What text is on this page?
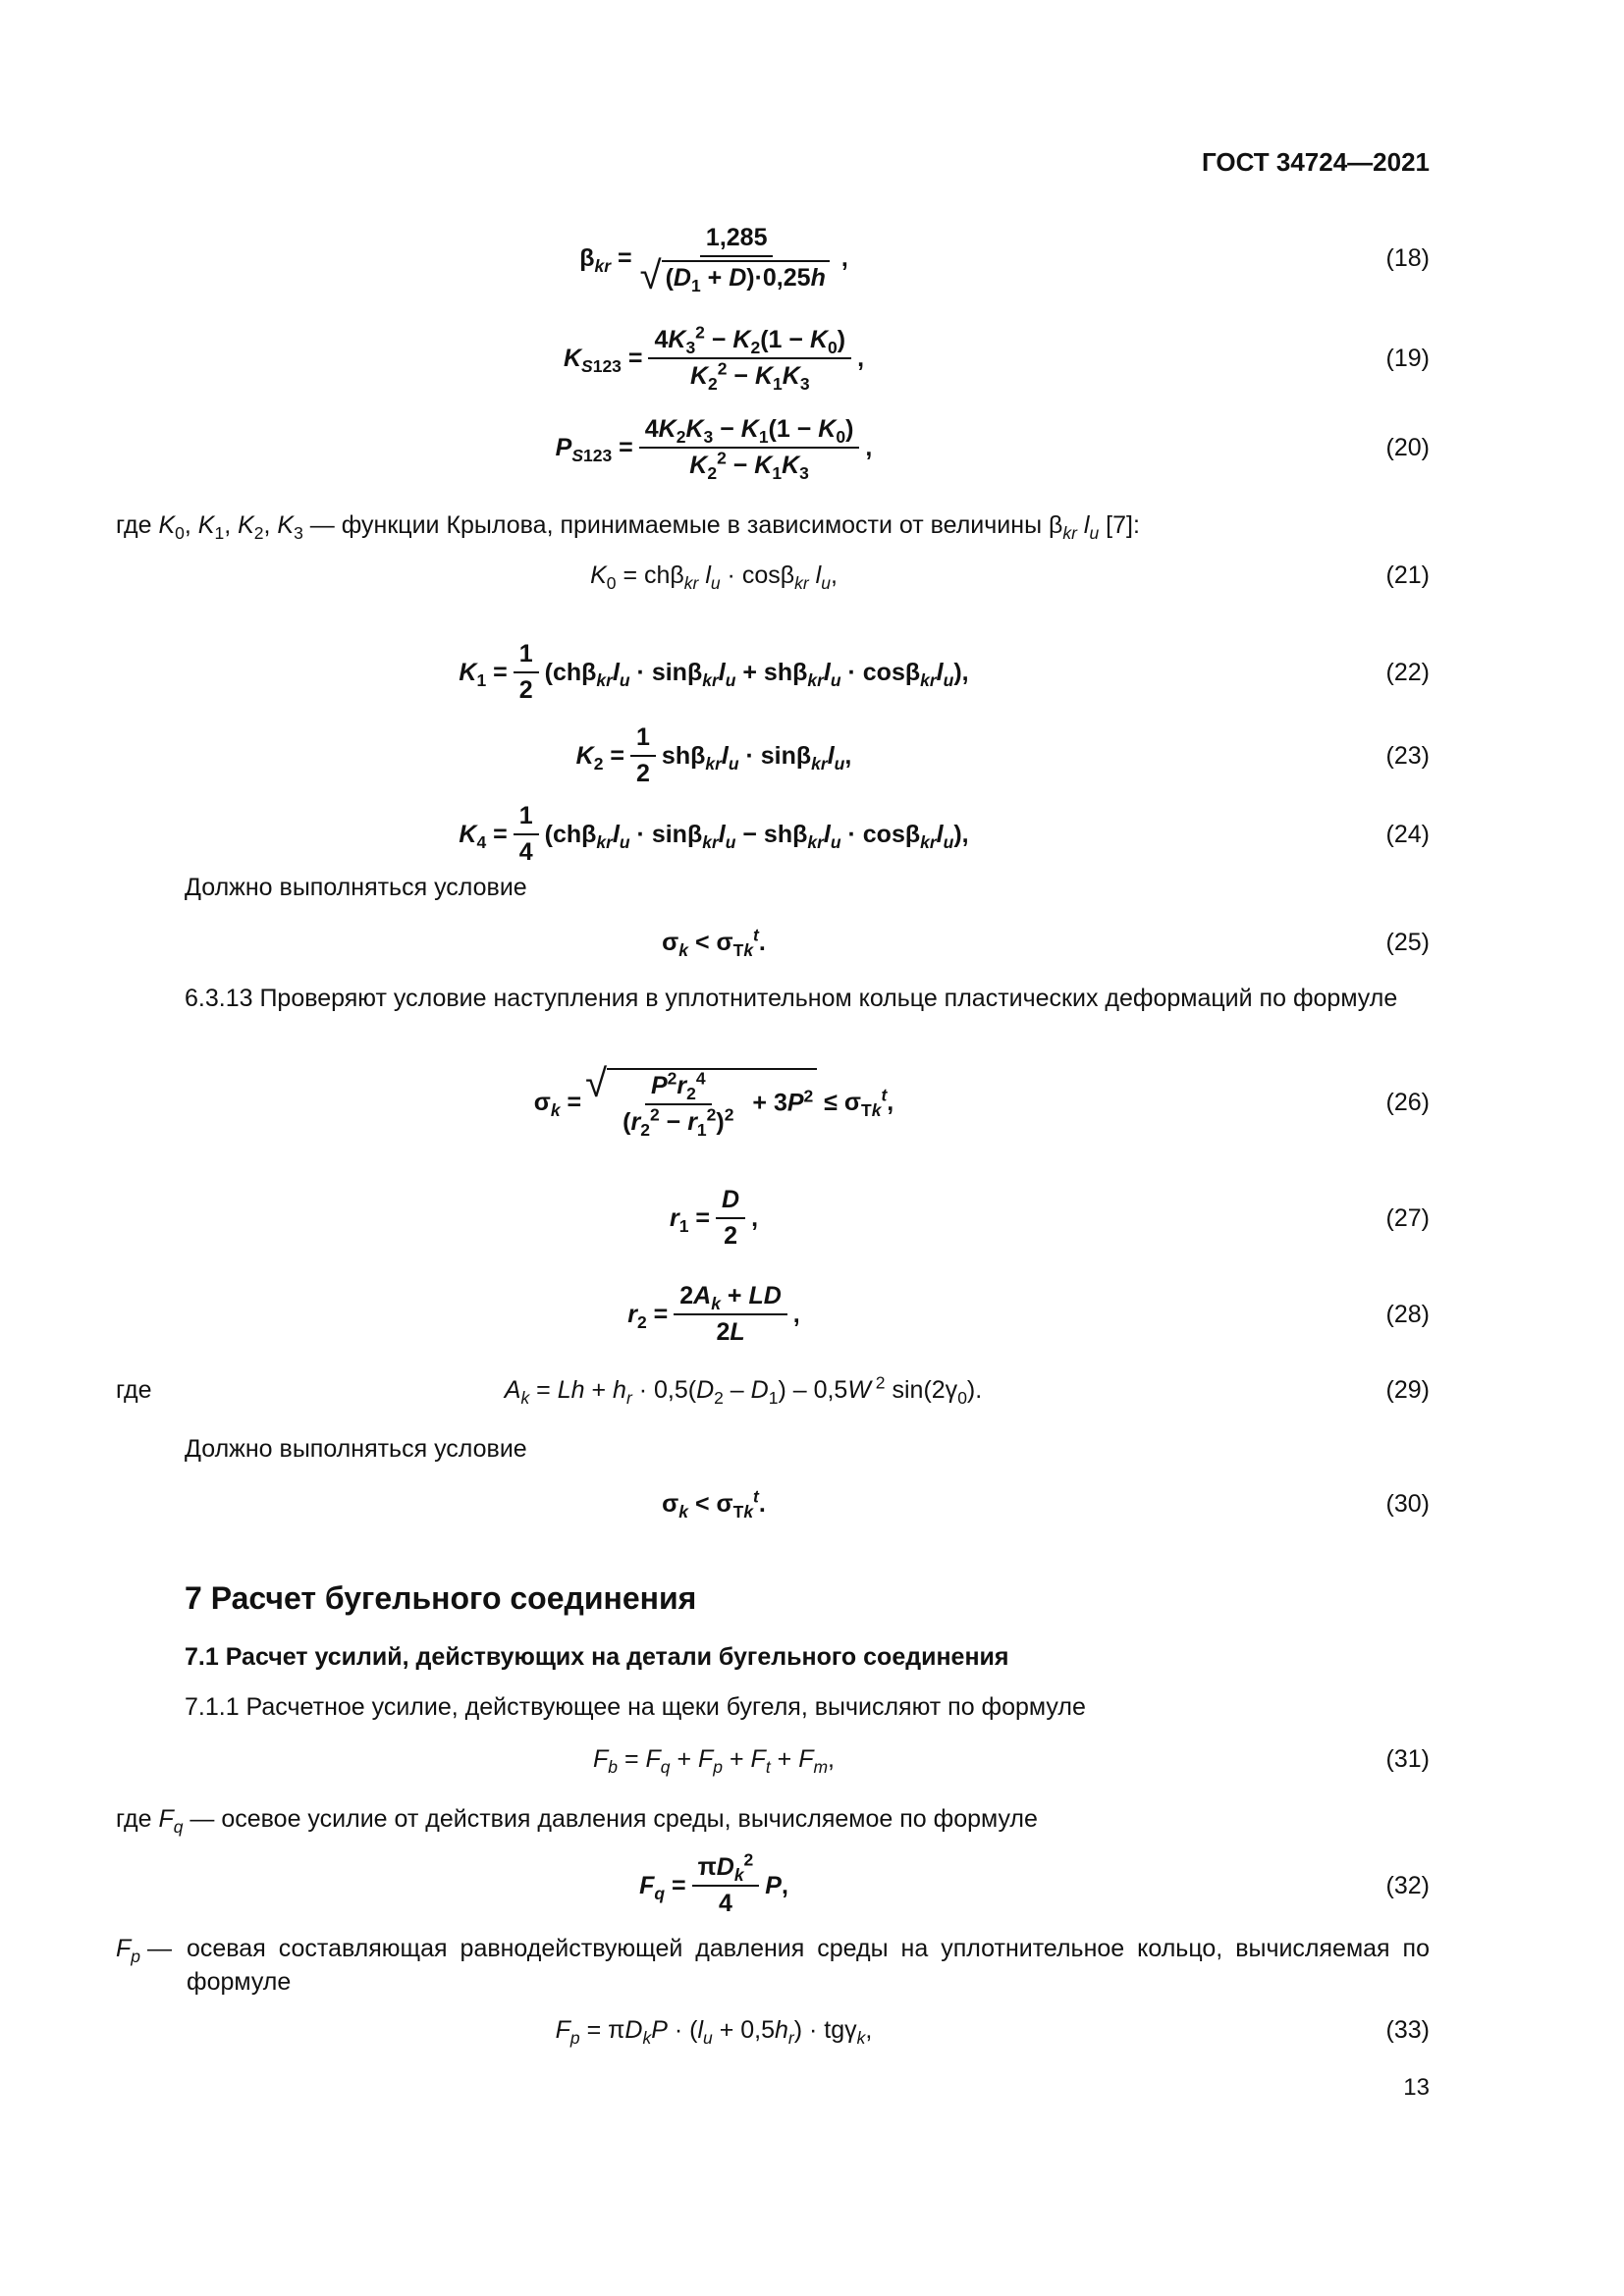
ГОСТ 34724—2021
$\beta_{kr} = 1,285$
√ $(D_1 + D)\cdot 0,25h$ ,	(18)
$K_{S123} = \frac{4K_3^2 - K_2(1 - K_0)}{K_2^2 - K_1K_3}$ ,	(19)
$P_{S123} = \frac{4K_2K_3 - K_1(1 - K_0)}{K_2^2 - K_1K_3}$ ,	(20)
где $K_0$, $K_1$, $K_2$, $K_3$ — функции Крылова, принимаемые в зависимости от величины $\beta_{kr}$ $l_u$ [7]:
$K_0 = ch\beta_{kr}$ $l_u \cdot \cos\beta_{kr}$ $l_u$,	(21)
$K_1 = \frac{1}{2} (ch\beta_{kr}l_u \cdot \sin\beta_{kr}l_u + sh\beta_{kr}l_u \cdot \cos\beta_{kr}l_u)$,	(22)
$K_2 = \frac{1}{2} sh\beta_{kr}l_u \cdot \sin\beta_{kr}l_u$,	(23)
$K_4 = \frac{1}{4} (ch\beta_{kr}l_u \cdot \sin\beta_{kr}l_u - sh\beta_{kr}l_u \cdot \cos\beta_{kr}l_u)$,	(24)
Должно выполняться условие
$\sigma_k < \sigma_{Tk}^t$.	(25)
6.3.13 Проверяют условие наступления в уплотнительном кольце пластических деформаций по формуле
$\sigma_k$ =
√ $\frac{P^2r_2^4}{(r_2^2 - r_1^2)^2} + 3P^2 \le \sigma_{Tk}^t$,	(26)
$r_1 = \frac{D}{2}$ ,	(27)
$r_2 = \frac{2A_k + LD}{2L}$ ,	(28)
где	$A_k = Lh + h_r \cdot 0,5(D_2 - D_1) - 0,5W$ $^2$ $\sin(2\gamma_0)$.	(29)
Должно выполняться условие
$\sigma_k < \sigma_{Tk}^t$.	(30)
7 Расчет бугельного соединения
7.1 Расчет усилий, действующих на детали бугельного соединения
7.1.1 Расчетное усилие, действующее на щеки бугеля, вычисляют по формуле
$F_b = F_q + F_p + F_t + F_m$,	(31)
где $F_q$ — осевое усилие от действия давления среды, вычисляемое по формуле
$F_q = \frac{\pi D_k^2}{4}$ P ,	(32)
$F_p$ — осевая составляющая равнодействующей давления среды на уплотнительное кольцо, вычисляемая по формуле
$F_p = \pi D_kP \cdot (l_u + 0,5h_r) \cdot tg\gamma_k$,	(33)
13
